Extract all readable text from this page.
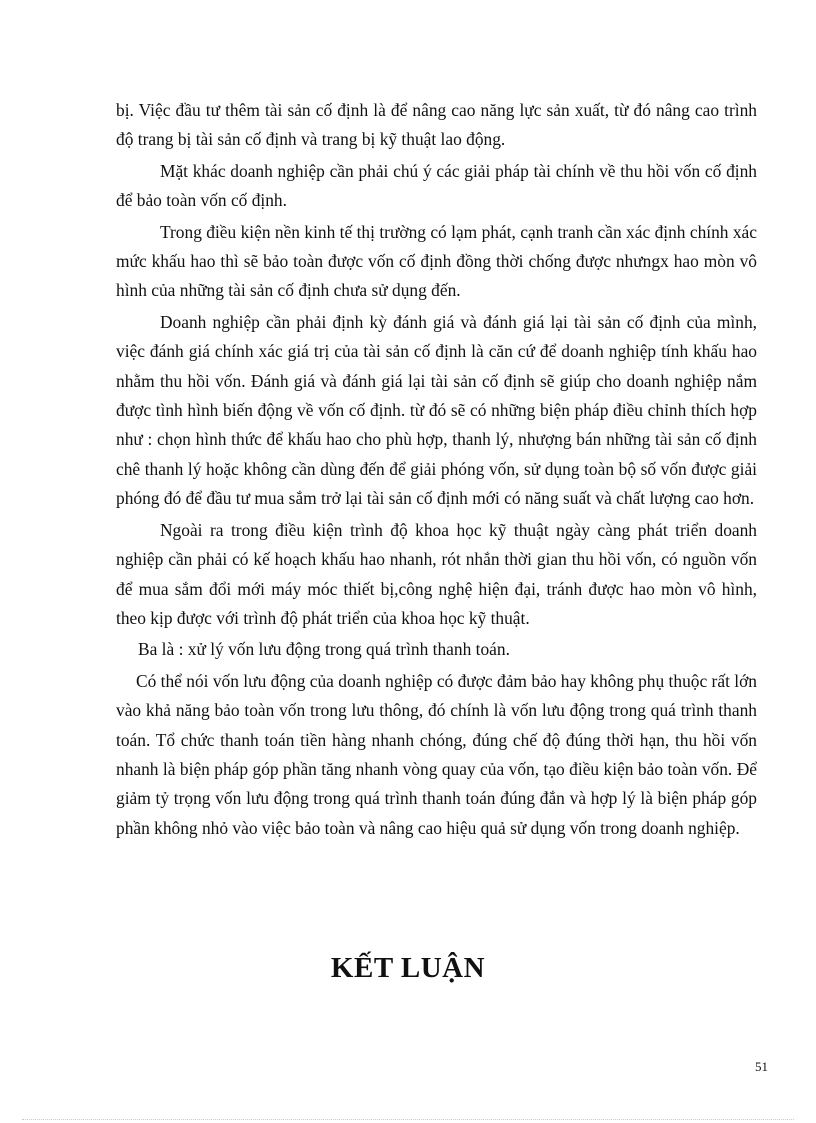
bị. Việc đầu tư thêm tài sản cố định là để nâng cao năng lực sản xuất, từ đó nâng cao trình độ trang bị tài sản cố định và trang bị kỹ thuật lao động.

Mặt khác doanh nghiệp cần phải chú ý các giải pháp tài chính về thu hồi vốn cố định để bảo toàn vốn cố định.

Trong điều kiện nền kinh tế thị trường có lạm phát, cạnh tranh cần xác định chính xác mức khấu hao thì sẽ bảo toàn được vốn cố định đồng thời chống được nhưngx hao mòn vô hình của những tài sản cố định chưa sử dụng đến.

Doanh nghiệp cần phải định kỳ đánh giá và đánh giá lại tài sản cố định của mình, việc đánh giá chính xác giá trị của tài sản cố định là căn cứ để doanh nghiệp tính khấu hao nhằm thu hồi vốn. Đánh giá và đánh giá lại tài sản cố định sẽ giúp cho doanh nghiệp nắm được tình hình biến động về vốn cố định. từ đó sẽ có những biện pháp điều chỉnh thích hợp như : chọn hình thức để khấu hao cho phù hợp, thanh lý, nhượng bán những tài sản cố định chê thanh lý hoặc không cần dùng đến để giải phóng vốn, sử dụng toàn bộ số vốn được giải phóng đó để đầu tư mua sắm trở lại tài sản cố định mới có năng suất và chất lượng cao hơn.

Ngoài ra trong điều kiện trình độ khoa học kỹ thuật ngày càng phát triển doanh nghiệp cần phải có kế hoạch khấu hao nhanh, rót nhắn thời gian thu hồi vốn, có nguồn vốn để mua sắm đổi mới máy móc thiết bị,công nghệ hiện đại, tránh được hao mòn vô hình, theo kịp được với trình độ phát triển của khoa học kỹ thuật.

Ba là : xử lý vốn lưu động trong quá trình thanh toán.

Có thể nói vốn lưu động của doanh nghiệp có được đảm bảo hay không phụ thuộc rất lớn vào khả năng bảo toàn vốn trong lưu thông, đó chính là vốn lưu động trong quá trình thanh toán. Tổ chức thanh toán tiền hàng nhanh chóng, đúng chế độ đúng thời hạn, thu hồi vốn nhanh là biện pháp góp phần tăng nhanh vòng quay của vốn, tạo điều kiện bảo toàn vốn. Để giảm tỷ trọng vốn lưu động trong quá trình thanh toán đúng đắn và hợp lý là biện pháp góp phần không nhỏ vào việc bảo toàn và nâng cao hiệu quả sử dụng vốn trong doanh nghiệp.

KẾT LUẬN

51
